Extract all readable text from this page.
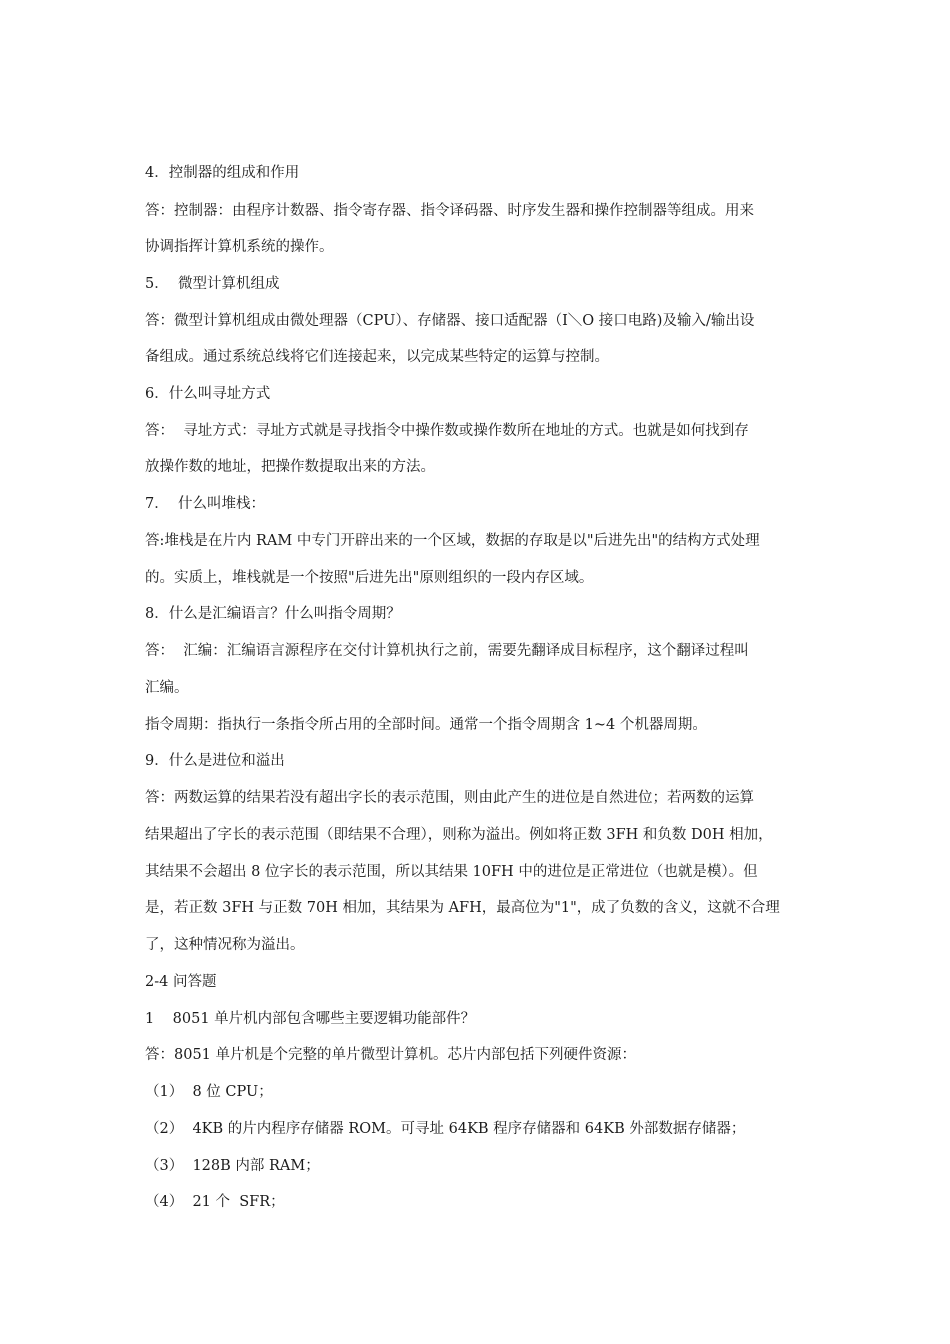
4．控制器的组成和作用
答：控制器：由程序计数器、指令寄存器、指令译码器、时序发生器和操作控制器等组成。用来
协调指挥计算机系统的操作。
5．  微型计算机组成
答：微型计算机组成由微处理器（CPU）、存储器、接口适配器（I＼O 接口电路)及输入/输出设
备组成。通过系统总线将它们连接起来，以完成某些特定的运算与控制。
6．什么叫寻址方式
答：  寻址方式：寻址方式就是寻找指令中操作数或操作数所在地址的方式。也就是如何找到存
放操作数的地址，把操作数提取出来的方法。
7．  什么叫堆栈：
答:堆栈是在片内 RAM 中专门开辟出来的一个区域，数据的存取是以"后进先出"的结构方式处理
的。实质上，堆栈就是一个按照"后进先出"原则组织的一段内存区域。
8．什么是汇编语言？什么叫指令周期？
答：  汇编：汇编语言源程序在交付计算机执行之前，需要先翻译成目标程序，这个翻译过程叫
汇编。
指令周期：指执行一条指令所占用的全部时间。通常一个指令周期含 1~4 个机器周期。
9．什么是进位和溢出
答：两数运算的结果若没有超出字长的表示范围，则由此产生的进位是自然进位；若两数的运算
结果超出了字长的表示范围（即结果不合理），则称为溢出。例如将正数 3FH 和负数 D0H 相加，
其结果不会超出 8 位字长的表示范围，所以其结果 10FH 中的进位是正常进位（也就是模）。但
是，若正数 3FH 与正数 70H 相加，其结果为 AFH，最高位为"1"，成了负数的含义，这就不合理
了，这种情况称为溢出。
2-4 问答题
1    8051 单片机内部包含哪些主要逻辑功能部件？
答：8051 单片机是个完整的单片微型计算机。芯片内部包括下列硬件资源：
（1）  8 位 CPU；
（2）  4KB 的片内程序存储器 ROM。可寻址 64KB 程序存储器和 64KB 外部数据存储器；
（3）  128B 内部 RAM；
（4）  21 个  SFR；
